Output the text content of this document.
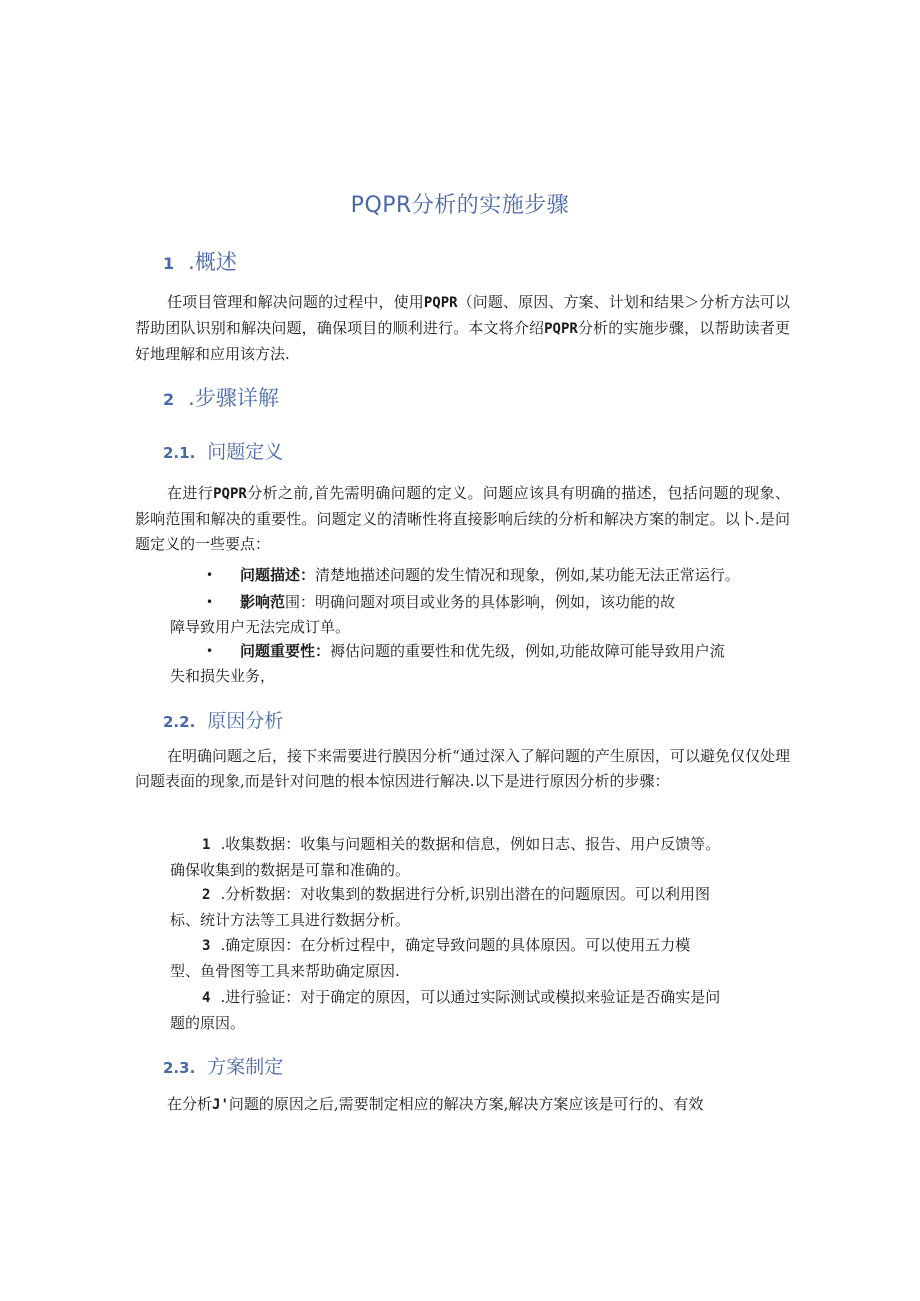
PQPR分析的实施步骤
1 .概述
任项目管理和解决问题的过程中，使用PQPR（问题、原因、方案、计划和结果＞分析方法可以帮助团队识别和解决问题，确保项目的顺利进行。本文将介绍PQPR分析的实施步骤，以帮助读者更好地理解和应用该方法.
2 .步骤详解
2.1. 问题定义
在进行PQPR分析之前,首先需明确问题的定义。问题应该具有明确的描述，包括问题的现象、影响范围和解决的重要性。问题定义的清晰性将直接影响后续的分析和解决方案的制定。以卜.是问题定义的一些要点：
•	问题描述：清楚地描述问题的发生情况和现象，例如,某功能无法正常运行。
•	影响范围：明确问题对项目或业务的具体影响，例如，该功能的故
障导致用户无法完成订单。
•	问题重要性：褥估问题的重要性和优先级，例如,功能故障可能导致用户流
失和损失业务，
2.2. 原因分析
在明确问题之后，接下来需要进行膜因分析“通过深入了解问题的产生原因，可以避免仅仅处理问题表面的现象,而是针对问虺的根本惊因进行解决.以下是进行原因分析的步骤：
1 .收集数据：收集与问题相关的数据和信息，例如日志、报告、用户反馈等。
确保收集到的数据是可靠和准确的。
2 .分析数据：对收集到的数据进行分析,识别出潜在的问题原因。可以利用图
标、统计方法等工具进行数据分析。
3 .确定原因：在分析过程中，确定导致问题的具体原因。可以使用五力模
型、鱼骨图等工具来帮助确定原因.
4 .进行验证：对于确定的原因，可以通过实际测试或模拟来验证是否确实是问
题的原因。
2.3. 方案制定
在分析J'问题的原因之后,需要制定相应的解决方案,解决方案应该是可行的、有效
